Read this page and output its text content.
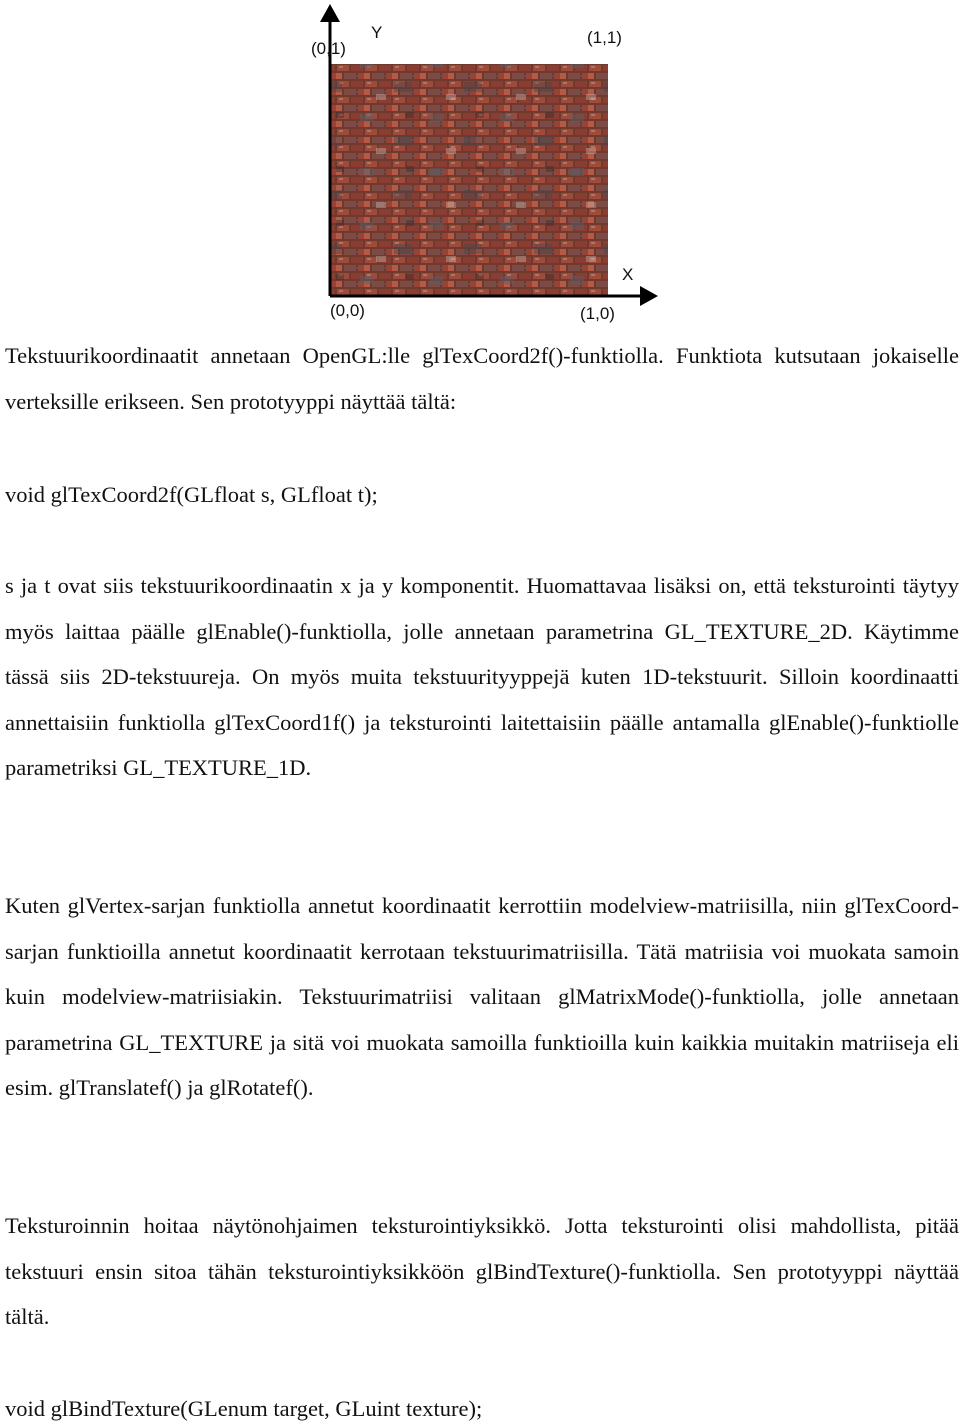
Y
X
(0,1)
(1,1)
(0,0)	(1,0)

Tekstuurikoordinaatit annetaan OpenGL:lle glTexCoord2f()-funktiolla. Funktiota kutsutaan jokaiselle verteksille erikseen. Sen prototyyppi näyttää tältä:

void glTexCoord2f(GLfloat s, GLfloat t);

s ja t ovat siis tekstuurikoordinaatin x ja y komponentit. Huomattavaa lisäksi on, että teksturointi täytyy myös laittaa päälle glEnable()-funktiolla, jolle annetaan parametrina GL_TEXTURE_2D. Käytimme tässä siis 2D-tekstuureja. On myös muita tekstuurityyppejä kuten 1D-tekstuurit. Silloin koordinaatti annettaisiin funktiolla glTexCoord1f() ja teksturointi laitettaisiin päälle antamalla glEnable()-funktiolle parametriksi GL_TEXTURE_1D.

Kuten glVertex-sarjan funktiolla annetut koordinaatit kerrottiin modelview-matriisilla, niin glTexCoord-sarjan funktioilla annetut koordinaatit kerrotaan tekstuurimatriisilla. Tätä matriisia voi muokata samoin kuin modelview-matriisiakin. Tekstuurimatriisi valitaan glMatrixMode()-funktiolla, jolle annetaan parametrina GL_TEXTURE ja sitä voi muokata samoilla funktioilla kuin kaikkia muitakin matriiseja eli esim. glTranslatef() ja glRotatef().

Teksturoinnin hoitaa näytönohjaimen teksturointiyksikkö. Jotta teksturointi olisi mahdollista, pitää tekstuuri ensin sitoa tähän teksturointiyksikköön glBindTexture()-funktiolla. Sen prototyyppi näyttää tältä.

void glBindTexture(GLenum target, GLuint texture);
